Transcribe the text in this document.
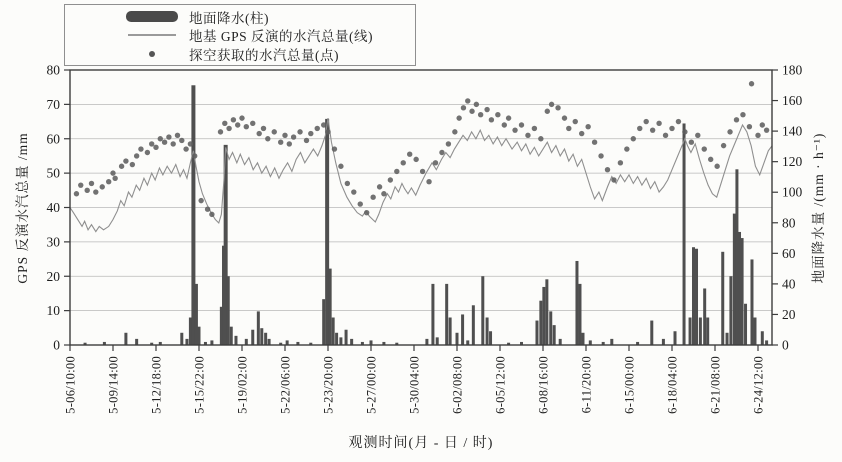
地面降水(柱)
地基 GPS 反演的水汽总量(线)
探空获取的水汽总量(点)
GPS 反演水汽总量 /mm	地面降水量 /(mm · h⁻¹)
观测时间(月 - 日 / 时)
5-06/10:00 5-09/14:00 5-12/18:00 5-15/22:00 5-19/02:00 5-22/06:00 5-23/20:00 5-27/00:00 5-30/04:00 6-02/08:00 6-05/12:00 6-08/16:00 6-11/20:00 6-15/00:00 6-18/04:00 6-21/08:00 6-24/12:00
0
10
20
30
40
50
60
70
80
0
20
40
60
80
100
120
140
160
180
